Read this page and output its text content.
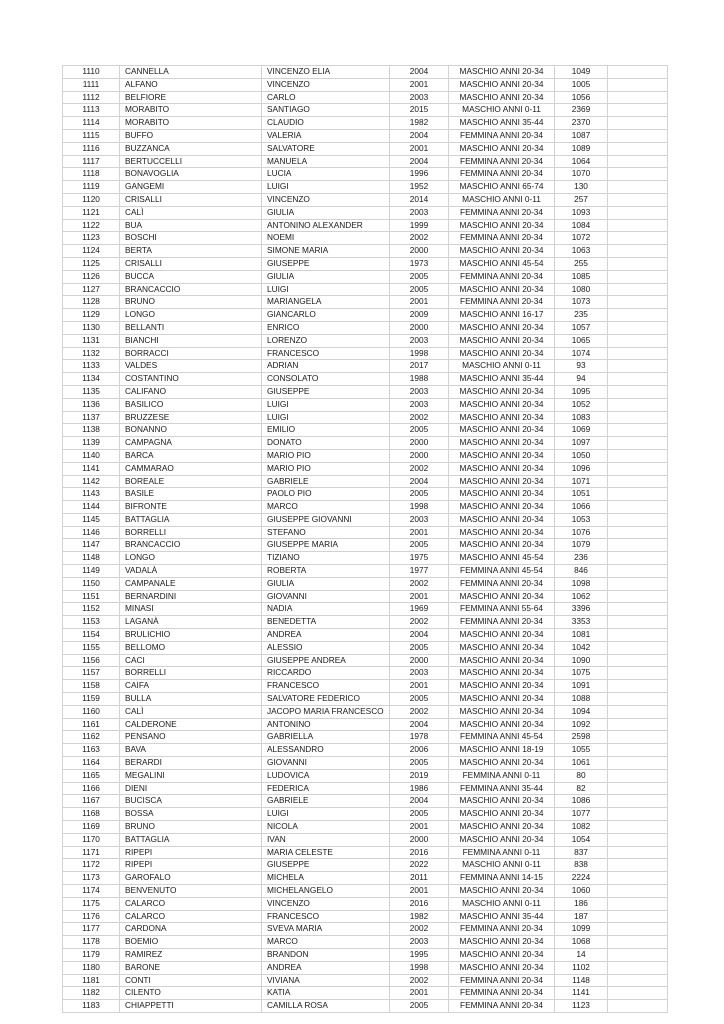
1110	CANNELLA	VINCENZO ELIA	2004	MASCHIO ANNI 20-34	1049	
1111	ALFANO	VINCENZO	2001	MASCHIO ANNI 20-34	1005	
1112	BELFIORE	CARLO	2003	MASCHIO ANNI 20-34	1056	
1113	MORABITO	SANTIAGO	2015	MASCHIO ANNI 0-11	2369	
1114	MORABITO	CLAUDIO	1982	MASCHIO ANNI 35-44	2370	
1115	BUFFO	VALERIA	2004	FEMMINA ANNI 20-34	1087	
1116	BUZZANCA	SALVATORE	2001	MASCHIO ANNI 20-34	1089	
1117	BERTUCCELLI	MANUELA	2004	FEMMINA ANNI 20-34	1064	
1118	BONAVOGLIA	LUCIA	1996	FEMMINA ANNI 20-34	1070	
1119	GANGEMI	LUIGI	1952	MASCHIO ANNI 65-74	130	
1120	CRISALLI	VINCENZO	2014	MASCHIO ANNI 0-11	257	
1121	CALÌ	GIULIA	2003	FEMMINA ANNI 20-34	1093	
1122	BUA	ANTONINO ALEXANDER	1999	MASCHIO ANNI 20-34	1084	
1123	BOSCHI	NOEMI	2002	FEMMINA ANNI 20-34	1072	
1124	BERTA	SIMONE MARIA	2000	MASCHIO ANNI 20-34	1063	
1125	CRISALLI	GIUSEPPE	1973	MASCHIO ANNI 45-54	255	
1126	BUCCA	GIULIA	2005	FEMMINA ANNI 20-34	1085	
1127	BRANCACCIO	LUIGI	2005	MASCHIO ANNI 20-34	1080	
1128	BRUNO	MARIANGELA	2001	FEMMINA ANNI 20-34	1073	
1129	LONGO	GIANCARLO	2009	MASCHIO ANNI 16-17	235	
1130	BELLANTI	ENRICO	2000	MASCHIO ANNI 20-34	1057	
1131	BIANCHI	LORENZO	2003	MASCHIO ANNI 20-34	1065	
1132	BORRACCI	FRANCESCO	1998	MASCHIO ANNI 20-34	1074	
1133	VALDES	ADRIAN	2017	MASCHIO ANNI 0-11	93	
1134	COSTANTINO	CONSOLATO	1988	MASCHIO ANNI 35-44	94	
1135	CALIFANO	GIUSEPPE	2003	MASCHIO ANNI 20-34	1095	
1136	BASILICO	LUIGI	2003	MASCHIO ANNI 20-34	1052	
1137	BRUZZESE	LUIGI	2002	MASCHIO ANNI 20-34	1083	
1138	BONANNO	EMILIO	2005	MASCHIO ANNI 20-34	1069	
1139	CAMPAGNA	DONATO	2000	MASCHIO ANNI 20-34	1097	
1140	BARCA	MARIO PIO	2000	MASCHIO ANNI 20-34	1050	
1141	CAMMARAO	MARIO PIO	2002	MASCHIO ANNI 20-34	1096	
1142	BOREALE	GABRIELE	2004	MASCHIO ANNI 20-34	1071	
1143	BASILE	PAOLO PIO	2005	MASCHIO ANNI 20-34	1051	
1144	BIFRONTE	MARCO	1998	MASCHIO ANNI 20-34	1066	
1145	BATTAGLIA	GIUSEPPE GIOVANNI	2003	MASCHIO ANNI 20-34	1053	
1146	BORRELLI	STEFANO	2001	MASCHIO ANNI 20-34	1076	
1147	BRANCACCIO	GIUSEPPE MARIA	2005	MASCHIO ANNI 20-34	1079	
1148	LONGO	TIZIANO	1975	MASCHIO ANNI 45-54	236	
1149	VADALÀ	ROBERTA	1977	FEMMINA ANNI 45-54	846	
1150	CAMPANALE	GIULIA	2002	FEMMINA ANNI 20-34	1098	
1151	BERNARDINI	GIOVANNI	2001	MASCHIO ANNI 20-34	1062	
1152	MINASI	NADIA	1969	FEMMINA ANNI 55-64	3396	
1153	LAGANÀ	BENEDETTA	2002	FEMMINA ANNI 20-34	3353	
1154	BRULICHIO	ANDREA	2004	MASCHIO ANNI 20-34	1081	
1155	BELLOMO	ALESSIO	2005	MASCHIO ANNI 20-34	1042	
1156	CACI	GIUSEPPE ANDREA	2000	MASCHIO ANNI 20-34	1090	
1157	BORRELLI	RICCARDO	2003	MASCHIO ANNI 20-34	1075	
1158	CAIFA	FRANCESCO	2001	MASCHIO ANNI 20-34	1091	
1159	BULLA	SALVATORE FEDERICO	2005	MASCHIO ANNI 20-34	1088	
1160	CALÌ	JACOPO MARIA FRANCESCO	2002	MASCHIO ANNI 20-34	1094	
1161	CALDERONE	ANTONINO	2004	MASCHIO ANNI 20-34	1092	
1162	PENSANO	GABRIELLA	1978	FEMMINA ANNI 45-54	2598	
1163	BAVA	ALESSANDRO	2006	MASCHIO ANNI 18-19	1055	
1164	BERARDI	GIOVANNI	2005	MASCHIO ANNI 20-34	1061	
1165	MEGALINI	LUDOVICA	2019	FEMMINA ANNI 0-11	80	
1166	DIENI	FEDERICA	1986	FEMMINA ANNI 35-44	82	
1167	BUCISCA	GABRIELE	2004	MASCHIO ANNI 20-34	1086	
1168	BOSSA	LUIGI	2005	MASCHIO ANNI 20-34	1077	
1169	BRUNO	NICOLA	2001	MASCHIO ANNI 20-34	1082	
1170	BATTAGLIA	IVAN	2000	MASCHIO ANNI 20-34	1054	
1171	RIPEPI	MARIA CELESTE	2016	FEMMINA ANNI 0-11	837	
1172	RIPEPI	GIUSEPPE	2022	MASCHIO ANNI 0-11	838	
1173	GAROFALO	MICHELA	2011	FEMMINA ANNI 14-15	2224	
1174	BENVENUTO	MICHELANGELO	2001	MASCHIO ANNI 20-34	1060	
1175	CALARCO	VINCENZO	2016	MASCHIO ANNI 0-11	186	
1176	CALARCO	FRANCESCO	1982	MASCHIO ANNI 35-44	187	
1177	CARDONA	SVEVA MARIA	2002	FEMMINA ANNI 20-34	1099	
1178	BOEMIO	MARCO	2003	MASCHIO ANNI 20-34	1068	
1179	RAMIREZ	BRANDON	1995	MASCHIO ANNI 20-34	14	
1180	BARONE	ANDREA	1998	MASCHIO ANNI 20-34	1102	
1181	CONTI	VIVIANA	2002	FEMMINA ANNI 20-34	1148	
1182	CILENTO	KATIA	2001	FEMMINA ANNI 20-34	1141	
1183	CHIAPPETTI	CAMILLA ROSA	2005	FEMMINA ANNI 20-34	1123	
